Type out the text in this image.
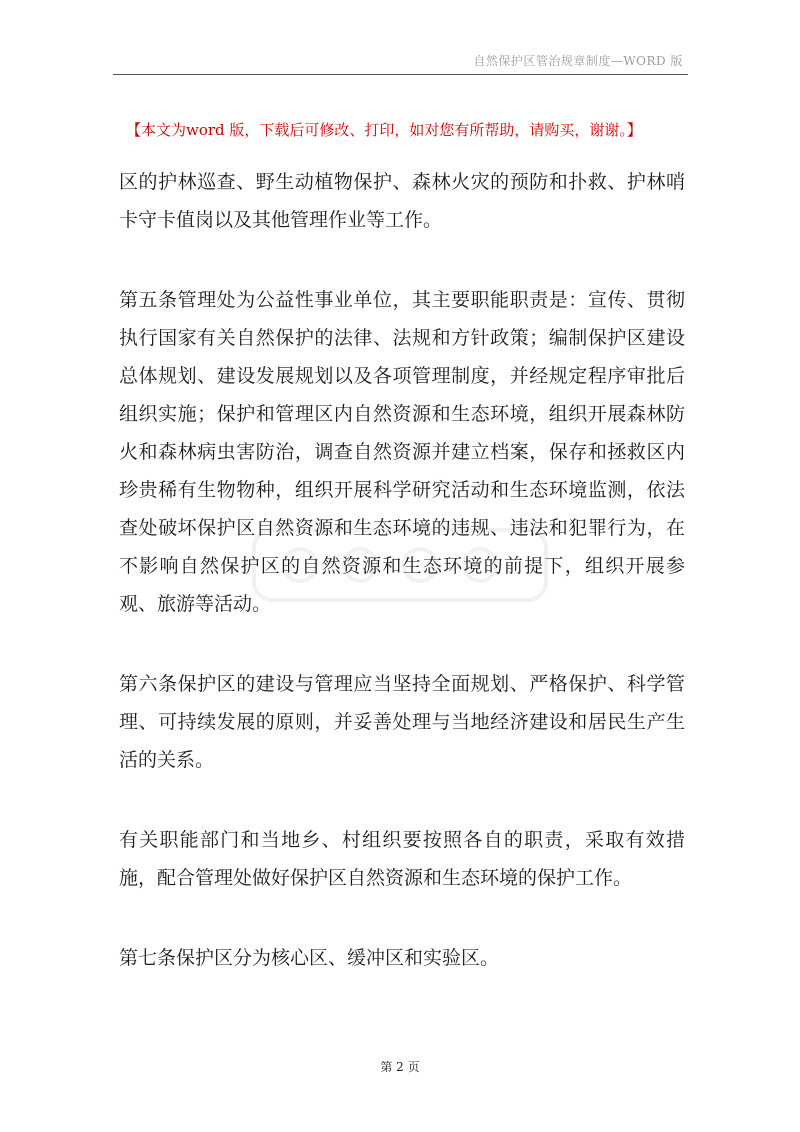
自然保护区管治规章制度—WORD 版
【本文为word 版，下载后可修改、打印，如对您有所帮助，请购买，谢谢。】

区的护林巡查、野生动植物保护、森林火灾的预防和扑救、护林哨卡守卡值岗以及其他管理作业等工作。

第五条管理处为公益性事业单位，其主要职能职责是：宣传、贯彻执行国家有关自然保护的法律、法规和方针政策；编制保护区建设总体规划、建设发展规划以及各项管理制度，并经规定程序审批后组织实施；保护和管理区内自然资源和生态环境，组织开展森林防火和森林病虫害防治，调查自然资源并建立档案，保存和拯救区内珍贵稀有生物物种，组织开展科学研究活动和生态环境监测，依法查处破坏保护区自然资源和生态环境的违规、违法和犯罪行为，在不影响自然保护区的自然资源和生态环境的前提下，组织开展参观、旅游等活动。

第六条保护区的建设与管理应当坚持全面规划、严格保护、科学管理、可持续发展的原则，并妥善处理与当地经济建设和居民生产生活的关系。

有关职能部门和当地乡、村组织要按照各自的职责，采取有效措施，配合管理处做好保护区自然资源和生态环境的保护工作。

第七条保护区分为核心区、缓冲区和实验区。

第 2 页
